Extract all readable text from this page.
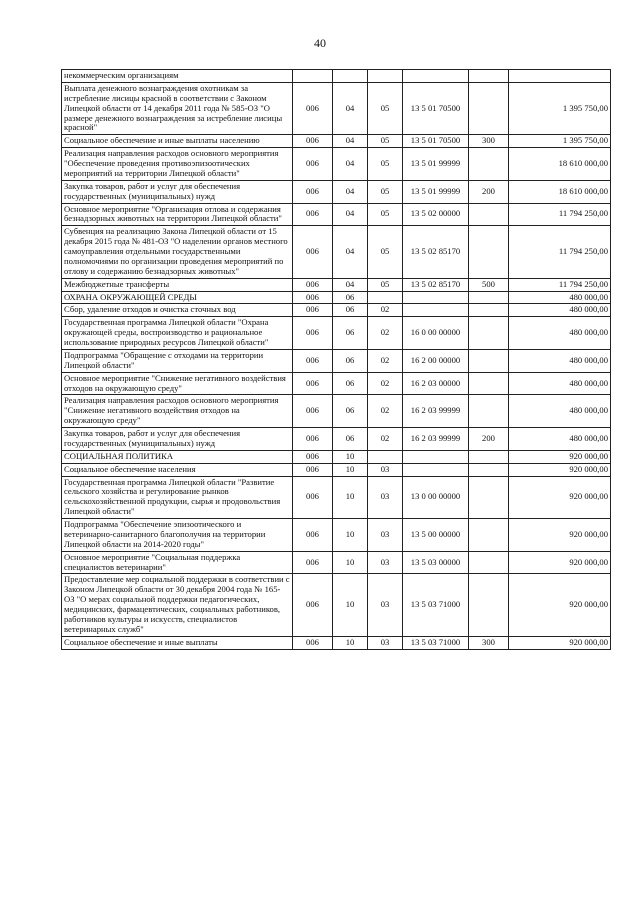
40
некоммерческим организациям						
Выплата денежного вознаграждения охотникам за истребление лисицы красной в соответствии с Законом Липецкой области от 14 декабря 2011 года № 585-ОЗ "О размере денежного вознаграждения за истребление лисицы красной"	006	04	05	13 5 01 70500		1 395 750,00
Социальное обеспечение и иные выплаты населению	006	04	05	13 5 01 70500	300	1 395 750,00
Реализация направления расходов основного мероприятия "Обеспечение проведения противоэпизоотических мероприятий на территории Липецкой области"	006	04	05	13 5 01 99999		18 610 000,00
Закупка товаров, работ и услуг для обеспечения государственных (муниципальных) нужд	006	04	05	13 5 01 99999	200	18 610 000,00
Основное мероприятие "Организация отлова и содержания безнадзорных животных на территории Липецкой области"	006	04	05	13 5 02 00000		11 794 250,00
Субвенция на реализацию Закона Липецкой области от 15 декабря 2015 года № 481-ОЗ "О наделении органов местного самоуправления отдельными государственными полномочиями по организации проведения мероприятий по отлову и содержанию безнадзорных животных"	006	04	05	13 5 02 85170		11 794 250,00
Межбюджетные трансферты	006	04	05	13 5 02 85170	500	11 794 250,00
ОХРАНА ОКРУЖАЮЩЕЙ СРЕДЫ	006	06				480 000,00
Сбор, удаление отходов и очистка сточных вод	006	06	02			480 000,00
Государственная программа Липецкой области "Охрана окружающей среды, воспроизводство и рациональное использование природных ресурсов Липецкой области"	006	06	02	16 0 00 00000		480 000,00
Подпрограмма "Обращение с отходами на территории Липецкой области"	006	06	02	16 2 00 00000		480 000,00
Основное мероприятие "Снижение негативного воздействия отходов на окружающую среду"	006	06	02	16 2 03 00000		480 000,00
Реализация направления расходов основного мероприятия "Снижение негативного воздействия отходов на окружающую среду"	006	06	02	16 2 03 99999		480 000,00
Закупка товаров, работ и услуг для обеспечения государственных (муниципальных) нужд	006	06	02	16 2 03 99999	200	480 000,00
СОЦИАЛЬНАЯ ПОЛИТИКА	006	10				920 000,00
Социальное обеспечение населения	006	10	03			920 000,00
Государственная программа Липецкой области "Развитие сельского хозяйства и регулирование рынков сельскохозяйственной продукции, сырья и продовольствия Липецкой области"	006	10	03	13 0 00 00000		920 000,00
Подпрограмма "Обеспечение эпизоотического и ветеринарно-санитарного благополучия на территории Липецкой области на 2014-2020 годы"	006	10	03	13 5 00 00000		920 000,00
Основное мероприятие "Социальная поддержка специалистов ветеринарии"	006	10	03	13 5 03 00000		920 000,00
Предоставление мер социальной поддержки в соответствии с Законом Липецкой области от 30 декабря 2004 года № 165-ОЗ "О мерах социальной поддержки педагогических, медицинских, фармацевтических, социальных работников, работников культуры и искусств, специалистов ветеринарных служб"	006	10	03	13 5 03 71000		920 000,00
Социальное обеспечение и иные выплаты	006	10	03	13 5 03 71000	300	920 000,00
